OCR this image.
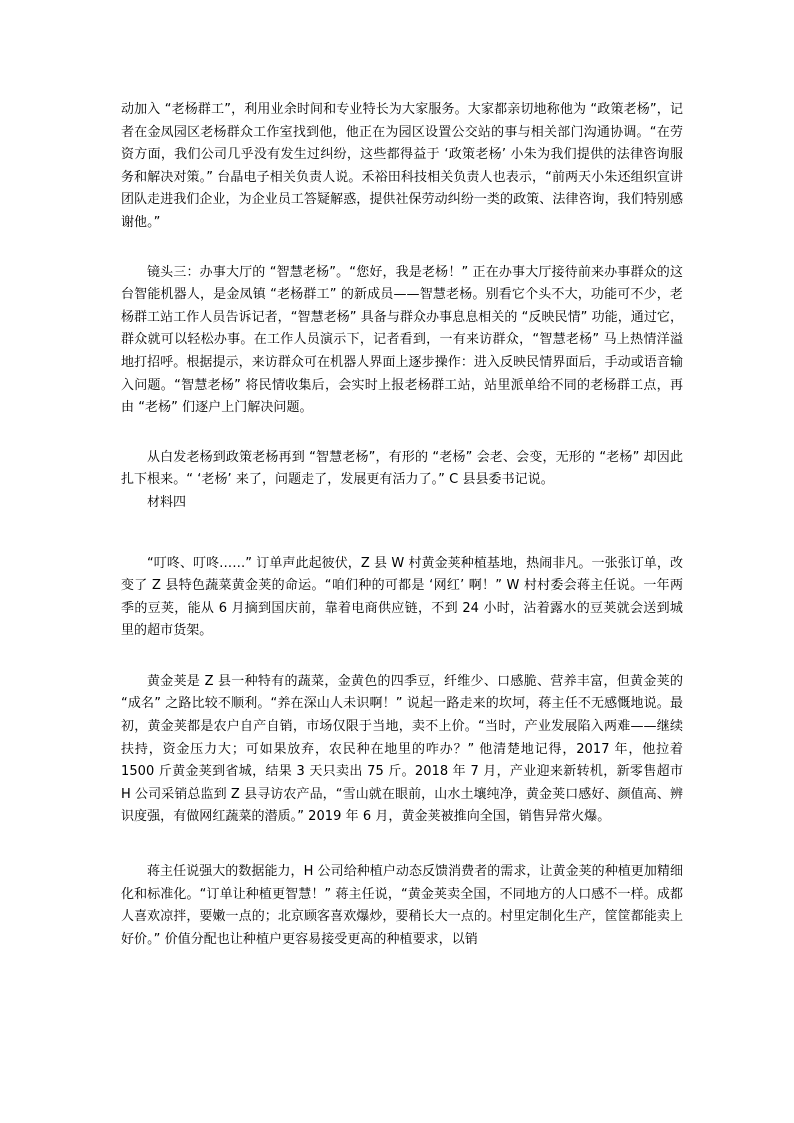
动加入 “老杨群工”，利用业余时间和专业特长为大家服务。大家都亲切地称他为 “政策老杨”，记者在金凤园区老杨群众工作室找到他，他正在为园区设置公交站的事与相关部门沟通协调。“在劳资方面，我们公司几乎没有发生过纠纷，这些都得益于 ‘政策老杨’ 小朱为我们提供的法律咨询服务和解决对策。” 台晶电子相关负责人说。禾裕田科技相关负责人也表示，“前两天小朱还组织宣讲团队走进我们企业，为企业员工答疑解惑，提供社保劳动纠纷一类的政策、法律咨询，我们特别感谢他。”

镜头三：办事大厅的 “智慧老杨”。“您好，我是老杨！” 正在办事大厅接待前来办事群众的这台智能机器人，是金凤镇 “老杨群工” 的新成员——智慧老杨。别看它个头不大，功能可不少，老杨群工站工作人员告诉记者，“智慧老杨” 具备与群众办事息息相关的 “反映民情” 功能，通过它，群众就可以轻松办事。在工作人员演示下，记者看到，一有来访群众，“智慧老杨” 马上热情洋溢地打招呼。根据提示，来访群众可在机器人界面上逐步操作：进入反映民情界面后，手动或语音输入问题。“智慧老杨” 将民情收集后，会实时上报老杨群工站，站里派单给不同的老杨群工点，再由 “老杨” 们逐户上门解决问题。

从白发老杨到政策老杨再到 “智慧老杨”，有形的 “老杨” 会老、会变，无形的 “老杨” 却因此扎下根来。“ ‘老杨’ 来了，问题走了，发展更有活力了。” C 县县委书记说。

材料四

“叮咚、叮咚……” 订单声此起彼伏，Z 县 W 村黄金荚种植基地，热闹非凡。一张张订单，改变了 Z 县特色蔬菜黄金荚的命运。“咱们种的可都是 ‘网红’ 啊！” W 村村委会蒋主任说。一年两季的豆荚，能从 6 月摘到国庆前，靠着电商供应链，不到 24 小时，沾着露水的豆荚就会送到城里的超市货架。

黄金荚是 Z 县一种特有的蔬菜，金黄色的四季豆，纤维少、口感脆、营养丰富，但黄金荚的 “成名” 之路比较不顺利。“养在深山人未识啊！” 说起一路走来的坎坷，蒋主任不无感慨地说。最初，黄金荚都是农户自产自销，市场仅限于当地，卖不上价。“当时，产业发展陷入两难——继续扶持，资金压力大；可如果放弃，农民种在地里的咋办？” 他清楚地记得，2017 年，他拉着 1500 斤黄金荚到省城，结果 3 天只卖出 75 斤。2018 年 7 月，产业迎来新转机，新零售超市 H 公司采销总监到 Z 县寻访农产品，“雪山就在眼前，山水土壤纯净，黄金荚口感好、颜值高、辨识度强，有做网红蔬菜的潜质。” 2019 年 6 月，黄金荚被推向全国，销售异常火爆。

蒋主任说强大的数据能力，H 公司给种植户动态反馈消费者的需求，让黄金荚的种植更加精细化和标准化。“订单让种植更智慧！” 蒋主任说，“黄金荚卖全国，不同地方的人口感不一样。成都人喜欢凉拌，要嫩一点的；北京顾客喜欢爆炒，要稍长大一点的。村里定制化生产，筐筐都能卖上好价。” 价值分配也让种植户更容易接受更高的种植要求，以销
